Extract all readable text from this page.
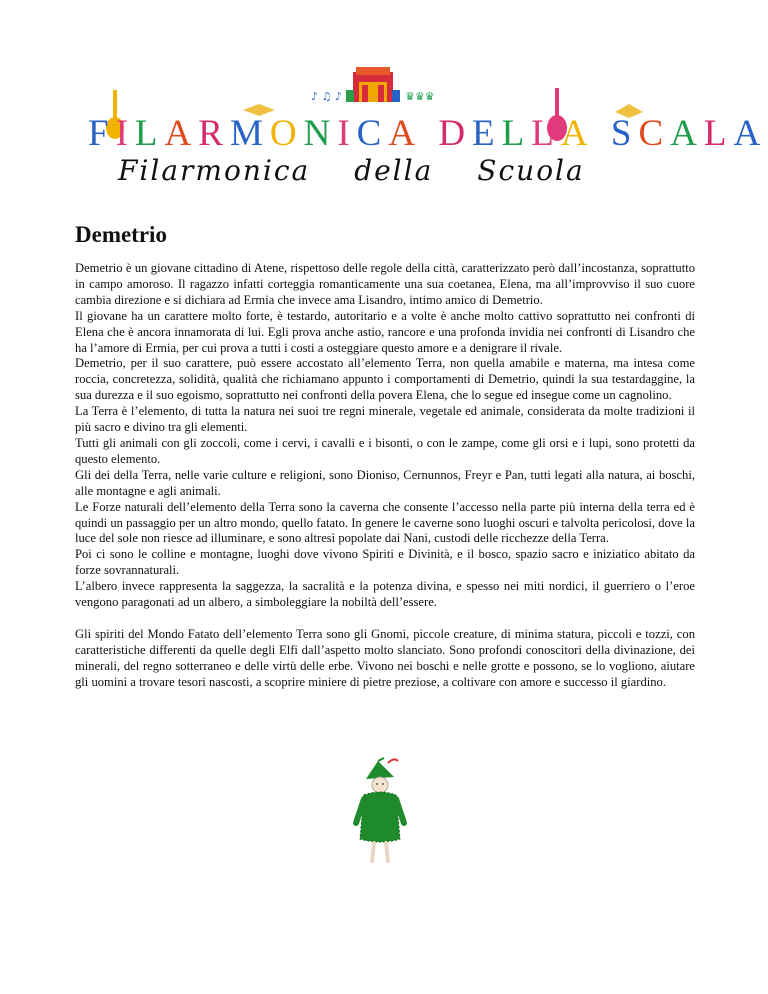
♪ ♫ ♪	♛♛♛
FILARMONICA DELLA SCALA
Filarmonica della Scuola
Demetrio

Demetrio è un giovane cittadino di Atene, rispettoso delle regole della città, caratterizzato però dall’incostanza, soprattutto in campo amoroso. Il ragazzo infatti corteggia romanticamente una sua coetanea, Elena, ma all’improvviso il suo cuore cambia direzione e si dichiara ad Ermia che invece ama Lisandro, intimo amico di Demetrio.

Il giovane ha un carattere molto forte, è testardo, autoritario e a volte è anche molto cattivo soprattutto nei confronti di Elena che è ancora innamorata di lui. Egli prova anche astio, rancore e una profonda invidia nei confronti di Lisandro che ha l’amore di Ermia, per cui prova a tutti i costi a osteggiare questo amore e a denigrare il rivale.

Demetrio, per il suo carattere, può essere accostato all’elemento Terra, non quella amabile e materna, ma intesa come roccia, concretezza, solidità, qualità che richiamano appunto i comportamenti di Demetrio, quindi la sua testardaggine, la sua durezza e il suo egoismo, soprattutto nei confronti della povera Elena, che lo segue ed insegue come un cagnolino.

La Terra è l’elemento, di tutta la natura nei suoi tre regni minerale, vegetale ed animale, considerata da molte tradizioni il più sacro e divino tra gli elementi.

Tutti gli animali con gli zoccoli, come i cervi, i cavalli e i bisonti, o con le zampe, come gli orsi e i lupi, sono protetti da questo elemento.

Gli dei della Terra, nelle varie culture e religioni, sono Dioniso, Cernunnos, Freyr e Pan, tutti legati alla natura, ai boschi, alle montagne e agli animali.

Le Forze naturali dell’elemento della Terra sono la caverna che consente l’accesso nella parte più interna della terra ed è quindi un passaggio per un altro mondo, quello fatato. In genere le caverne sono luoghi oscuri e talvolta pericolosi, dove la luce del sole non riesce ad illuminare, e sono altresì popolate dai Nani, custodi delle ricchezze della Terra.

Poi ci sono le colline e montagne, luoghi dove vivono Spiriti e Divinità, e il bosco, spazio sacro e iniziatico abitato da forze sovrannaturali.

L’albero invece rappresenta la saggezza, la sacralità e la potenza divina, e spesso nei miti nordici, il guerriero o l’eroe vengono paragonati ad un albero, a simboleggiare la nobiltà dell’essere.

Gli spiriti del Mondo Fatato dell’elemento Terra sono gli Gnomi, piccole creature, di minima statura, piccoli e tozzi, con caratteristiche differenti da quelle degli Elfi dall’aspetto molto slanciato. Sono profondi conoscitori della divinazione, dei minerali, del regno sotterraneo e delle virtù delle erbe. Vivono nei boschi e nelle grotte e possono, se lo vogliono, aiutare gli uomini a trovare tesori nascosti, a scoprire miniere di pietre preziose, a coltivare con amore e successo il giardino.
